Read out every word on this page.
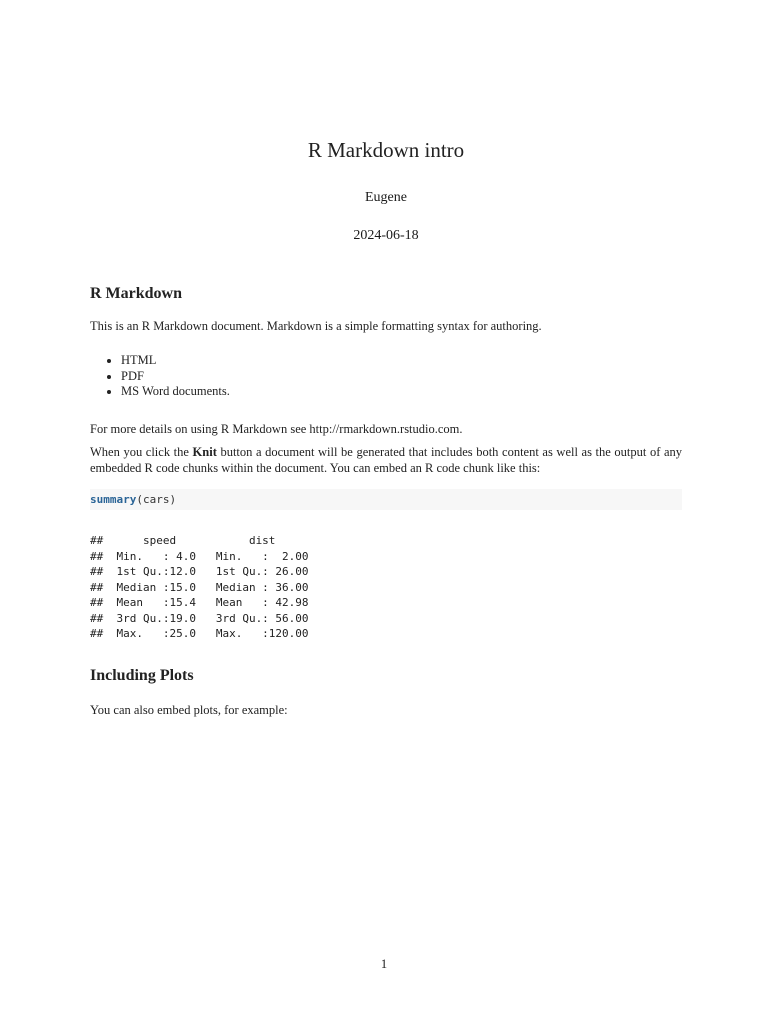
R Markdown intro
Eugene
2024-06-18
R Markdown
This is an R Markdown document. Markdown is a simple formatting syntax for authoring.
• HTML
• PDF
• MS Word documents.
For more details on using R Markdown see http://rmarkdown.rstudio.com.
When you click the Knit button a document will be generated that includes both content as well as the output of any embedded R code chunks within the document. You can embed an R code chunk like this:
summary(cars)
##      speed           dist
##  Min.   : 4.0   Min.   :  2.00
##  1st Qu.:12.0   1st Qu.: 26.00
##  Median :15.0   Median : 36.00
##  Mean   :15.4   Mean   : 42.98
##  3rd Qu.:19.0   3rd Qu.: 56.00
##  Max.   :25.0   Max.   :120.00
Including Plots
You can also embed plots, for example:
1
